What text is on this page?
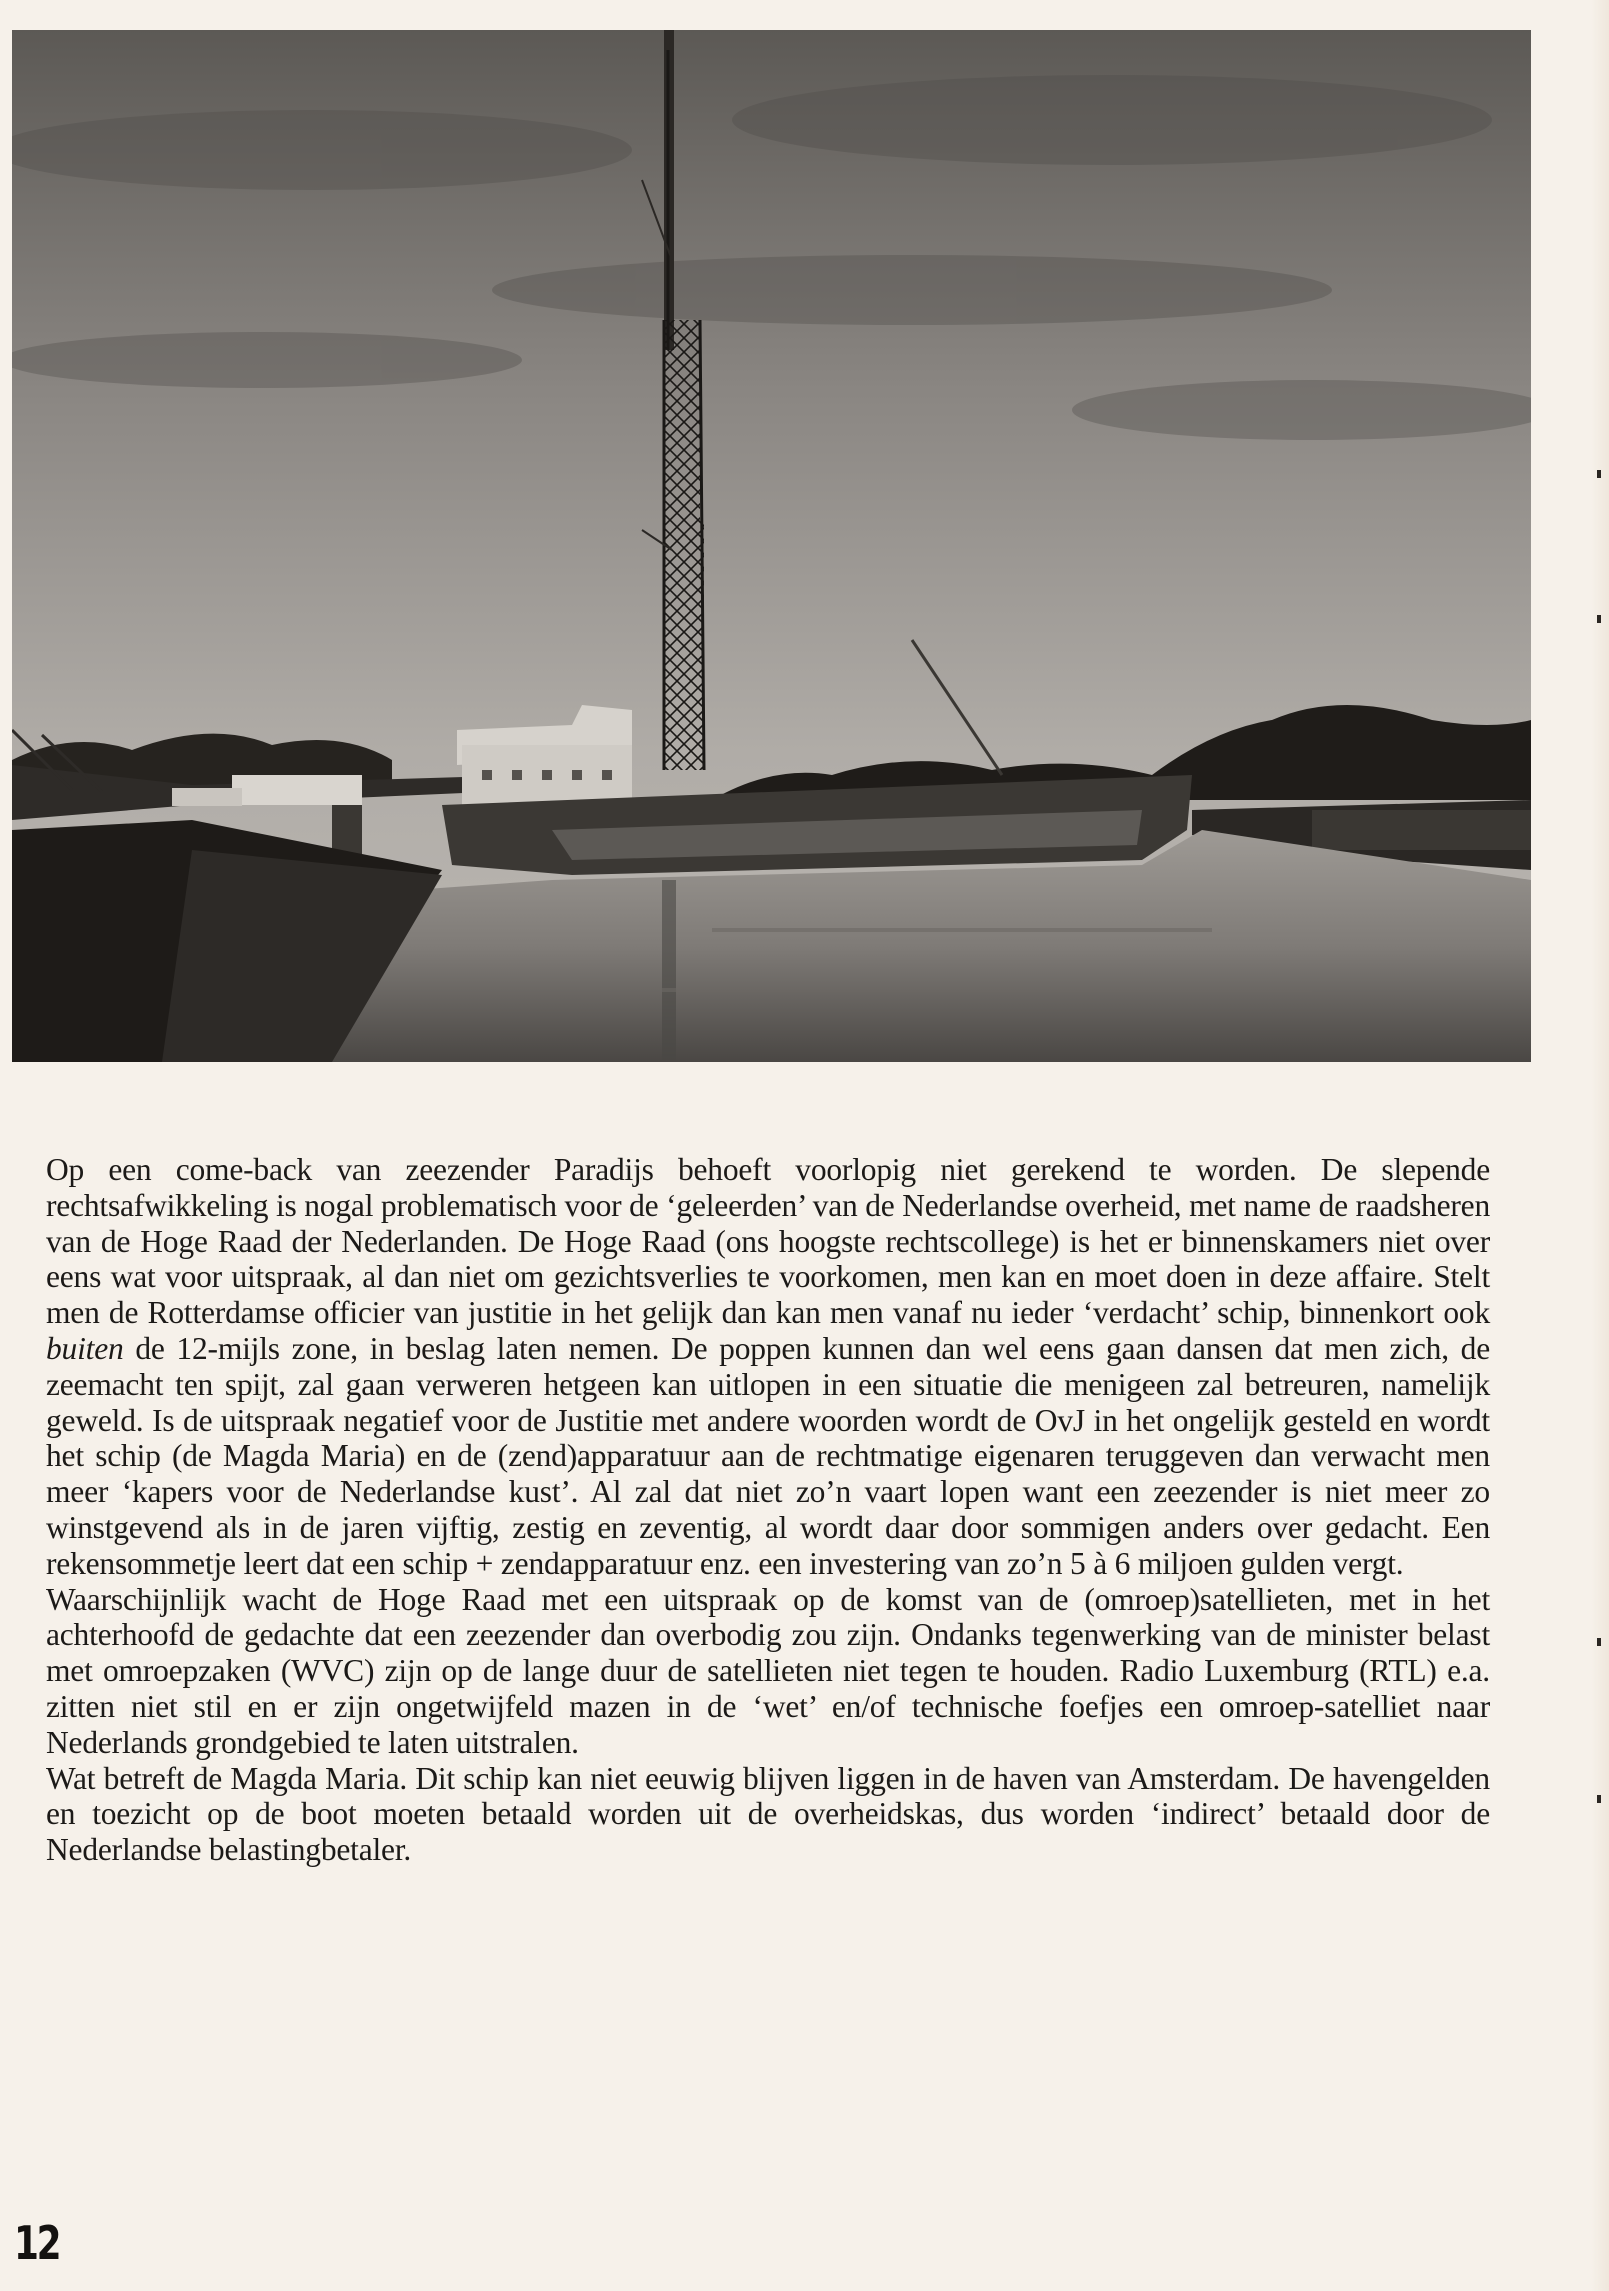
Op een come-back van zeezender Paradijs behoeft voorlopig niet gerekend te worden. De slepende rechtsafwikkeling is nogal problematisch voor de ‘geleerden’ van de Nederlandse overheid, met name de raadsheren van de Hoge Raad der Nederlanden. De Hoge Raad (ons hoogste rechtscollege) is het er binnenskamers niet over eens wat voor uitspraak, al dan niet om gezichtsverlies te voorkomen, men kan en moet doen in deze affaire. Stelt men de Rotterdamse officier van justitie in het gelijk dan kan men vanaf nu ieder ‘verdacht’ schip, binnenkort ook buiten de 12-mijls zone, in beslag laten nemen. De poppen kunnen dan wel eens gaan dansen dat men zich, de zeemacht ten spijt, zal gaan verweren hetgeen kan uitlopen in een situatie die menigeen zal betreuren, namelijk geweld. Is de uitspraak negatief voor de Justitie met andere woorden wordt de OvJ in het ongelijk gesteld en wordt het schip (de Magda Maria) en de (zend)apparatuur aan de rechtmatige eigenaren teruggeven dan verwacht men meer ‘kapers voor de Nederlandse kust’. Al zal dat niet zo’n vaart lopen want een zeezender is niet meer zo winstgevend als in de jaren vijftig, zestig en zeventig, al wordt daar door sommigen anders over gedacht. Een rekensommetje leert dat een schip + zendapparatuur enz. een investering van zo’n 5 à 6 miljoen gulden vergt.

Waarschijnlijk wacht de Hoge Raad met een uitspraak op de komst van de (omroep)satellieten, met in het achterhoofd de gedachte dat een zeezender dan overbodig zou zijn. Ondanks tegenwerking van de minister belast met omroepzaken (WVC) zijn op de lange duur de satellieten niet tegen te houden. Radio Luxemburg (RTL) e.a. zitten niet stil en er zijn ongetwijfeld mazen in de ‘wet’ en/of technische foefjes een omroep-satelliet naar Nederlands grondgebied te laten uitstralen.

Wat betreft de Magda Maria. Dit schip kan niet eeuwig blijven liggen in de haven van Amsterdam. De havengelden en toezicht op de boot moeten betaald worden uit de overheidskas, dus worden ‘indirect’ betaald door de Nederlandse belastingbetaler.

12
